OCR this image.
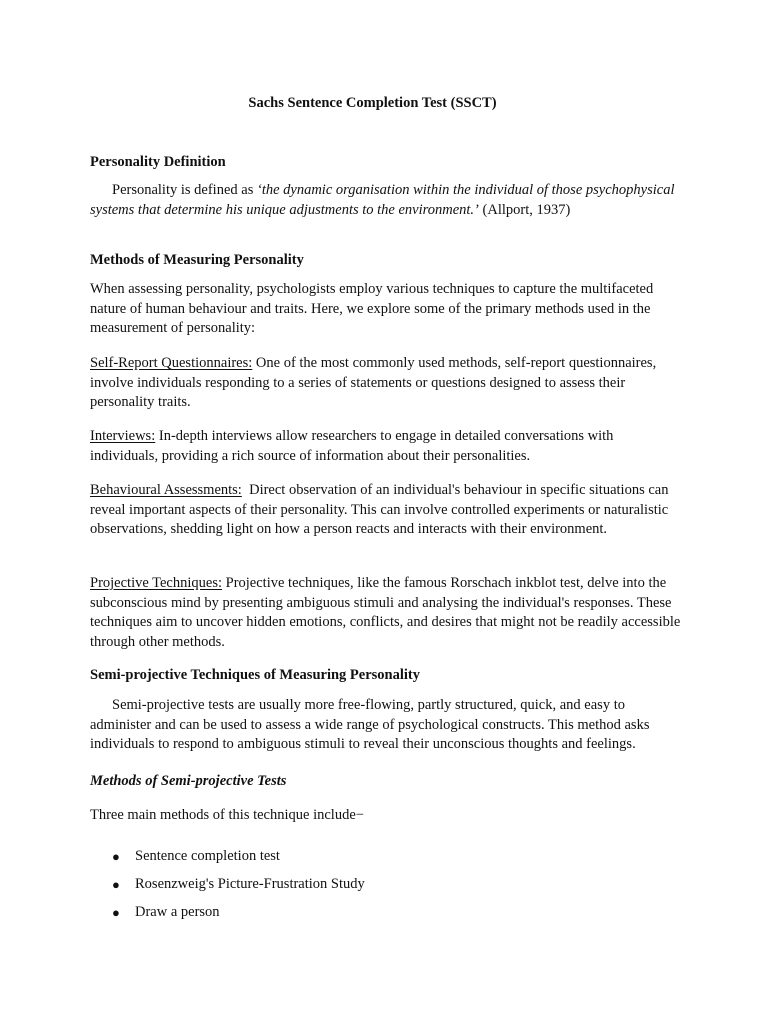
Sachs Sentence Completion Test (SSCT)
Personality Definition
Personality is defined as ‘the dynamic organisation within the individual of those psychophysical systems that determine his unique adjustments to the environment.’ (Allport, 1937)
Methods of Measuring Personality
When assessing personality, psychologists employ various techniques to capture the multifaceted nature of human behaviour and traits. Here, we explore some of the primary methods used in the measurement of personality:
Self-Report Questionnaires: One of the most commonly used methods, self-report questionnaires, involve individuals responding to a series of statements or questions designed to assess their personality traits.
Interviews: In-depth interviews allow researchers to engage in detailed conversations with individuals, providing a rich source of information about their personalities.
Behavioural Assessments:  Direct observation of an individual's behaviour in specific situations can reveal important aspects of their personality. This can involve controlled experiments or naturalistic observations, shedding light on how a person reacts and interacts with their environment.
Projective Techniques: Projective techniques, like the famous Rorschach inkblot test, delve into the subconscious mind by presenting ambiguous stimuli and analysing the individual's responses. These techniques aim to uncover hidden emotions, conflicts, and desires that might not be readily accessible through other methods.
Semi-projective Techniques of Measuring Personality
Semi-projective tests are usually more free-flowing, partly structured, quick, and easy to administer and can be used to assess a wide range of psychological constructs. This method asks individuals to respond to ambiguous stimuli to reveal their unconscious thoughts and feelings.
Methods of Semi-projective Tests
Three main methods of this technique include−
● Sentence completion test
● Rosenzweig's Picture-Frustration Study
● Draw a person
